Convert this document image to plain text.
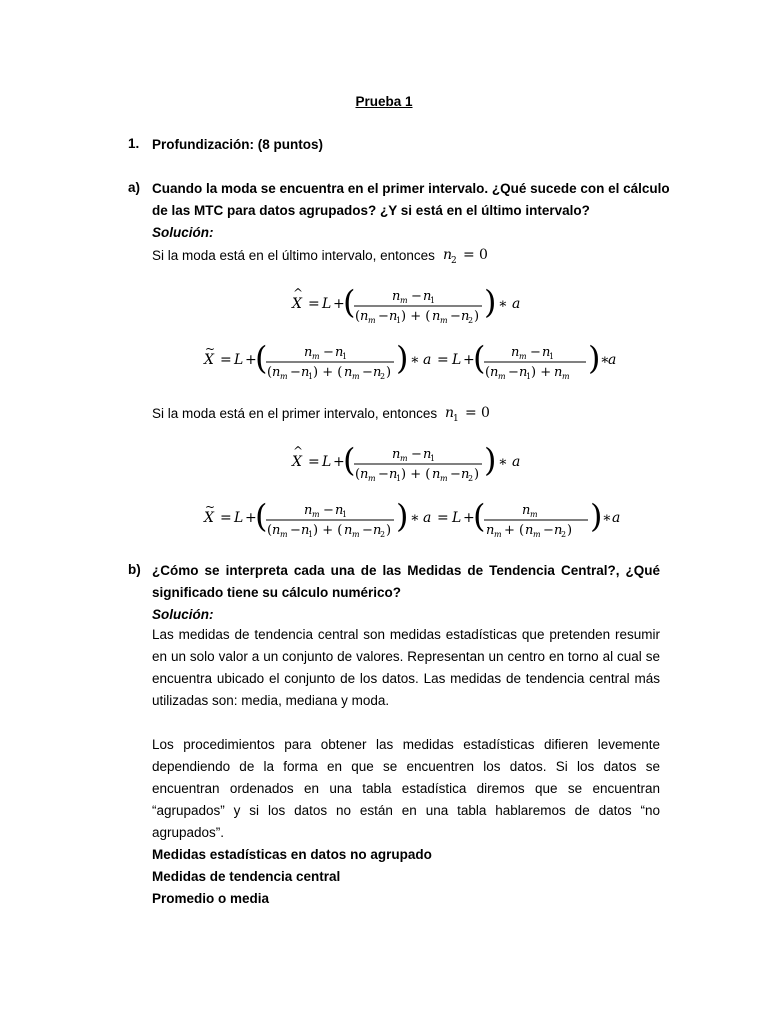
Prueba 1
1. Profundización: (8 puntos)
a) Cuando la moda se encuentra en el primer intervalo. ¿Qué sucede con el cálculo
de las MTC para datos agrupados? ¿Y si está en el último intervalo?
Solución:
Si la moda está en el último intervalo, entonces n
2 = 0
X
^
= L +
(	n m − n
1
( n m − n
1 ) + ( n m − n
2 ) ) ∗ a
X
~
= L +
(	n m − n
1
( n m − n
1 ) + ( n m − n
2 ) ) ∗ a = L +
( n m − n
1
( n m − n
1 ) + n m ) ∗
a
Si la moda está en el primer intervalo, entonces n
1 = 0
X
^
= L +
(	n m − n
1
( n m − n
1 ) + ( n m − n
2 ) ) ∗ a
X
~
= L +
(	n m − n
1
( n m − n
1 ) + ( n m − n
2 ) ) ∗ a = L +
(	n m
n m + ( n m − n
2 ) ) ∗ a
b) ¿Cómo se interpreta cada una de las Medidas de Tendencia Central?, ¿Qué
significado tiene su cálculo numérico?
Solución:

Las medidas de tendencia central son medidas estadísticas que pretenden resumir en un solo valor a un conjunto de valores. Representan un centro en torno al cual se encuentra ubicado el conjunto de los datos. Las medidas de tendencia central más utilizadas son: media, mediana y moda.

Los procedimientos para obtener las medidas estadísticas difieren levemente dependiendo de la forma en que se encuentren los datos. Si los datos se encuentran ordenados en una tabla estadística diremos que se encuentran “agrupados” y si los datos no están en una tabla hablaremos de datos “no agrupados”.

Medidas estadísticas en datos no agrupado
Medidas de tendencia central
Promedio o media
